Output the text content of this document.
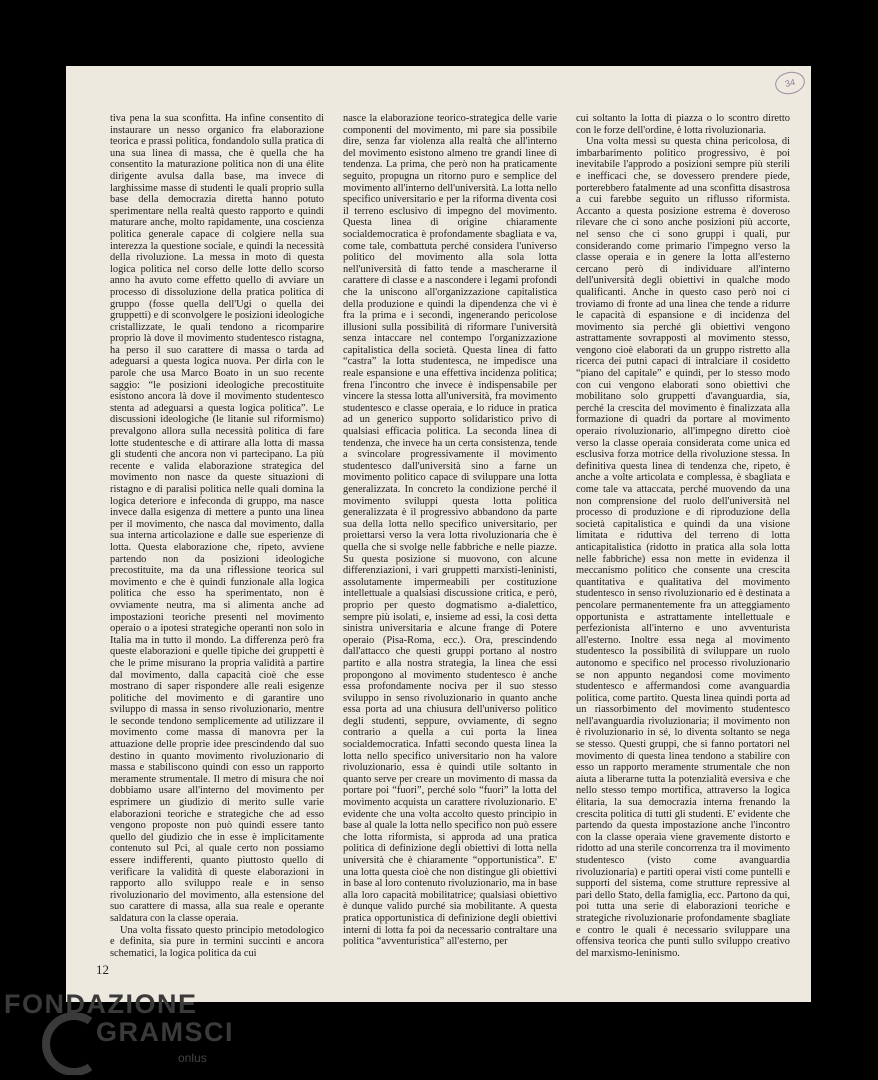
34

tiva pena la sua sconfitta. Ha infine consentito di instaurare un nesso organico fra elaborazione teorica e prassi politica, fondandolo sulla pratica di una sua linea di massa, che è quella che ha consentito la maturazione politica non di una élite dirigente avulsa dalla base, ma invece di larghissime masse di studenti le quali proprio sulla base della democrazia diretta hanno potuto sperimentare nella realtà questo rapporto e quindi maturare anche, molto rapidamente, una coscienza politica generale capace di colgiere nella sua interezza la questione sociale, e quindi la necessità della rivoluzione. La messa in moto di questa logica politica nel corso delle lotte dello scorso anno ha avuto come effetto quello di avviare un processo di dissoluzione della pratica politica di gruppo (fosse quella dell'Ugi o quella dei gruppetti) e di sconvolgere le posizioni ideologiche cristallizzate, le quali tendono a ricomparire proprio là dove il movimento studentesco ristagna, ha perso il suo carattere di massa o tarda ad adeguarsi a questa logica nuova. Per dirla con le parole che usa Marco Boato in un suo recente saggio: “le posizioni ideologiche precostituite esistono ancora là dove il movimento studentesco stenta ad adeguarsi a questa logica politica”. Le discussioni ideologiche (le litanie sul riformismo) prevalgono allora sulla necessità politica di fare lotte studentesche e di attirare alla lotta di massa gli studenti che ancora non vi partecipano. La più recente e valida elaborazione strategica del movimento non nasce da queste situazioni di ristagno e di paralisi politica nelle quali domina la logica deteriore e infeconda di gruppo, ma nasce invece dalla esigenza di mettere a punto una linea per il movimento, che nasca dal movimento, dalla sua interna articolazione e dalle sue esperienze di lotta. Questa elaborazione che, ripeto, avviene partendo non da posizioni ideologiche precostituite, ma da una riflessione teorica sul movimento e che è quindi funzionale alla logica politica che esso ha sperimentato, non è ovviamente neutra, ma si alimenta anche ad impostazioni teoriche presenti nel movimento operaio o a ipotesi strategiche operanti non solo in Italia ma in tutto il mondo. La differenza però fra queste elaborazioni e quelle tipiche dei gruppetti è che le prime misurano la propria validità a partire dal movimento, dalla capacità cioè che esse mostrano di saper rispondere alle reali esigenze politiche del movimento e di garantire uno sviluppo di massa in senso rivoluzionario, mentre le seconde tendono semplicemente ad utilizzare il movimento come massa di manovra per la attuazione delle proprie idee prescindendo dal suo destino in quanto movimento rivoluzionario di massa e stabiliscono quindi con esso un rapporto meramente strumentale. Il metro di misura che noi dobbiamo usare all'interno del movimento per esprimere un giudizio di merito sulle varie elaborazioni teoriche e strategiche che ad esso vengono proposte non può quindi essere tanto quello del giudizio che in esse è implicitamente contenuto sul Pci, al quale certo non possiamo essere indifferenti, quanto piuttosto quello di verificare la validità di queste elaborazioni in rapporto allo sviluppo reale e in senso rivoluzionario del movimento, alla estensione del suo carattere di massa, alla sua reale e operante saldatura con la classe operaia.

Una volta fissato questo principio metodologico e definita, sia pure in termini succinti e ancora schematici, la logica politica da cui

nasce la elaborazione teorico-strategica delle varie componenti del movimento, mi pare sia possibile dire, senza far violenza alla realtà che all'interno del movimento esistono almeno tre grandi linee di tendenza. La prima, che però non ha praticamente seguito, propugna un ritorno puro e semplice del movimento all'interno dell'università. La lotta nello specifico universitario e per la riforma diventa così il terreno esclusivo di impegno del movimento. Questa linea di origine chiaramente socialdemocratica è profondamente sbagliata e va, come tale, combattuta perché considera l'universo politico del movimento alla sola lotta nell'università di fatto tende a mascherarne il carattere di classe e a nascondere i legami profondi che la uniscono all'organizzazione capitalistica della produzione e quindi la dipendenza che vi è fra la prima e i secondi, ingenerando pericolose illusioni sulla possibilità di riformare l'università senza intaccare nel contempo l'organizzazione capitalistica della società. Questa linea di fatto “castra” la lotta studentesca, ne impedisce una reale espansione e una effettiva incidenza politica; frena l'incontro che invece è indispensabile per vincere la stessa lotta all'università, fra movimento studentesco e classe operaia, e lo riduce in pratica ad un generico supporto solidaristico privo di qualsiasi efficacia politica. La seconda linea di tendenza, che invece ha un certa consistenza, tende a svincolare progressivamente il movimento studentesco dall'università sino a farne un movimento politico capace di sviluppare una lotta generalizzata. In concreto la condizione perché il movimento sviluppi questa lotta politica generalizzata è il progressivo abbandono da parte sua della lotta nello specifico universitario, per proiettarsi verso la vera lotta rivoluzionaria che è quella che si svolge nelle fabbriche e nelle piazze. Su questa posizione si muovono, con alcune differenziazioni, i vari gruppetti marxisti-leninisti, assolutamente impermeabili per costituzione intellettuale a qualsiasi discussione critica, e però, proprio per questo dogmatismo a-dialettico, sempre più isolati, e, insieme ad essi, la così detta sinistra universitaria e alcune frange di Potere operaio (Pisa-Roma, ecc.). Ora, prescindendo dall'attacco che questi gruppi portano al nostro partito e alla nostra strategia, la linea che essi propongono al movimento studentesco è anche essa profondamente nociva per il suo stesso sviluppo in senso rivoluzionario in quanto anche essa porta ad una chiusura dell'universo politico degli studenti, seppure, ovviamente, di segno contrario a quella a cui porta la linea socialdemocratica. Infatti secondo questa linea la lotta nello specifico universitario non ha valore rivoluzionario, essa è quindi utile soltanto in quanto serve per creare un movimento di massa da portare poi “fuori”, perché solo “fuori” la lotta del movimento acquista un carattere rivoluzionario. E' evidente che una volta accolto questo principio in base al quale la lotta nello specifico non può essere che lotta riformista, si approda ad una pratica politica di definizione degli obiettivi di lotta nella università che è chiaramente “opportunistica”. E' una lotta questa cioè che non distingue gli obiettivi in base al loro contenuto rivoluzionario, ma in base alla loro capacità mobilitatrice; qualsiasi obiettivo è dunque valido purché sia mobilitante. A questa pratica opportunistica di definizione degli obiettivi interni di lotta fa poi da necessario contraltare una politica “avventuristica” all'esterno, per

cui soltanto la lotta di piazza o lo scontro diretto con le forze dell'ordine, è lotta rivoluzionaria.

Una volta messi su questa china pericolosa, di imbarbarimento politico progressivo, è poi inevitabile l'approdo a posizioni sempre più sterili e inefficaci che, se dovessero prendere piede, porterebbero fatalmente ad una sconfitta disastrosa a cui farebbe seguito un riflusso riformista. Accanto a questa posizione estrema è doveroso rilevare che ci sono anche posizioni più accorte, nel senso che ci sono gruppi i quali, pur considerando come primario l'impegno verso la classe operaia e in genere la lotta all'esterno cercano però di individuare all'interno dell'università degli obiettivi in qualche modo qualificanti. Anche in questo caso però noi ci troviamo di fronte ad una linea che tende a ridurre le capacità di espansione e di incidenza del movimento sia perché gli obiettivi vengono astrattamente sovrapposti al movimento stesso, vengono cioè elaborati da un gruppo ristretto alla ricerca dei putni capaci di intralciare il cosidetto “piano del capitale” e quindi, per lo stesso modo con cui vengono elaborati sono obiettivi che mobilitano solo gruppetti d'avanguardia, sia, perché la crescita del movimento è finalizzata alla formazione di quadri da portare al movimento operaio rivoluzionario, all'impegno diretto cioè verso la classe operaia considerata come unica ed esclusiva forza motrice della rivoluzione stessa. In definitiva questa linea di tendenza che, ripeto, è anche a volte articolata e complessa, è sbagliata e come tale va attaccata, perché muovendo da una non comprensione del ruolo dell'università nel processo di produzione e di riproduzione della società capitalistica e quindi da una visione limitata e riduttiva del terreno di lotta anticapitalistica (ridotto in pratica alla sola lotta nelle fabbriche) essa non mette in evidenza il meccanismo politico che consente una crescita quantitativa e qualitativa del movimento studentesco in senso rivoluzionario ed è destinata a pencolare permanentemente fra un atteggiamento opportunista e astrattamente intellettuale e perfezionista all'interno e uno avventurista all'esterno. Inoltre essa nega al movimento studentesco la possibilità di sviluppare un ruolo autonomo e specifico nel processo rivoluzionario se non appunto negandosi come movimento studentesco e affermandosi come avanguardia politica, come partito. Questa linea quindi porta ad un riassorbimento del movimento studentesco nell'avanguardia rivoluzionaria; il movimento non è rivoluzionario in sé, lo diventa soltanto se nega se stesso. Questi gruppi, che si fanno portatori nel movimento di questa linea tendono a stabilire con esso un rapporto meramente strumentale che non aiuta a liberarne tutta la potenzialità eversiva e che nello stesso tempo mortifica, attraverso la logica élitaria, la sua democrazia interna frenando la crescita politica di tutti gli studenti. E' evidente che partendo da questa impostazione anche l'incontro con la classe operaia viene gravemente distorto e ridotto ad una sterile concorrenza tra il movimento studentesco (visto come avanguardia rivoluzionaria) e partiti operai visti come puntelli e supporti del sistema, come strutture repressive al pari dello Stato, della famiglia, ecc. Partono da qui, poi tutta una serie di elaborazioni teoriche e strategiche rivoluzionarie profondamente sbagliate e contro le quali è necessario sviluppare una offensiva teorica che punti sullo sviluppo creativo del marxismo-leninismo.

12
FONDAZIONE
GRAMSCI
onlus
